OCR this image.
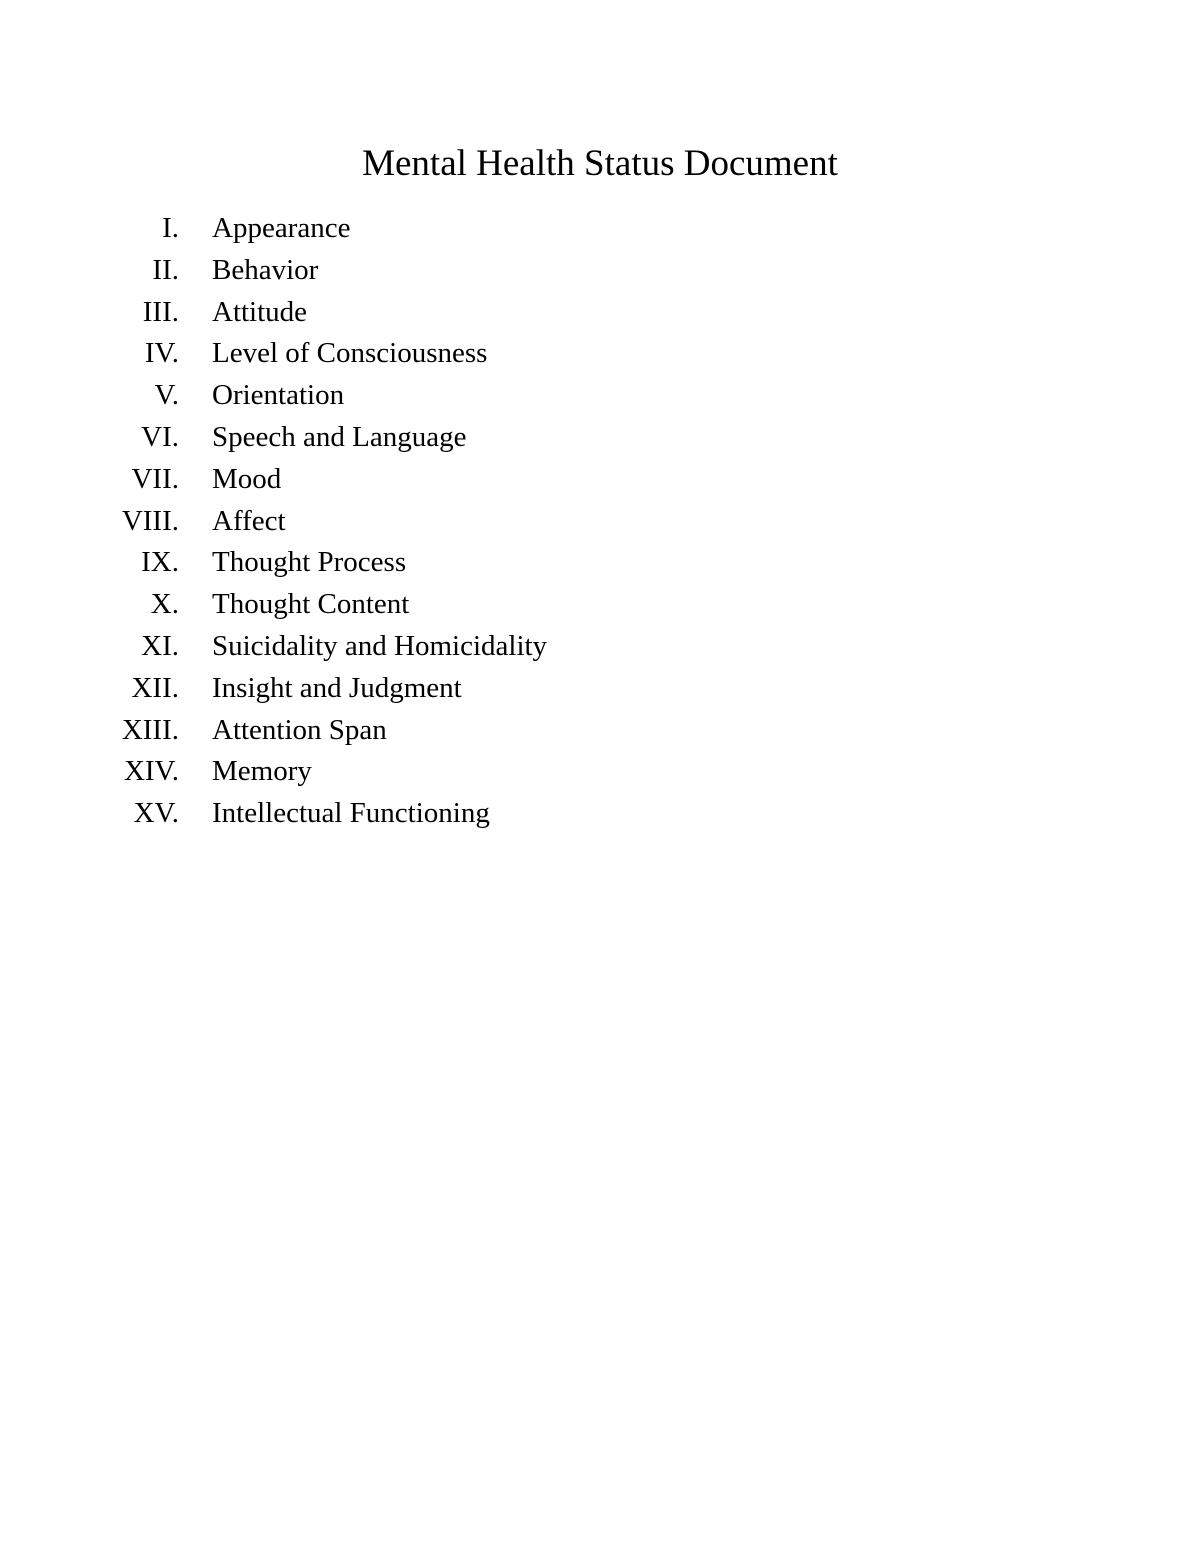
Mental Health Status Document
I. Appearance
II. Behavior
III. Attitude
IV. Level of Consciousness
V. Orientation
VI. Speech and Language
VII. Mood
VIII. Affect
IX. Thought Process
X. Thought Content
XI. Suicidality and Homicidality
XII. Insight and Judgment
XIII. Attention Span
XIV. Memory
XV. Intellectual Functioning
